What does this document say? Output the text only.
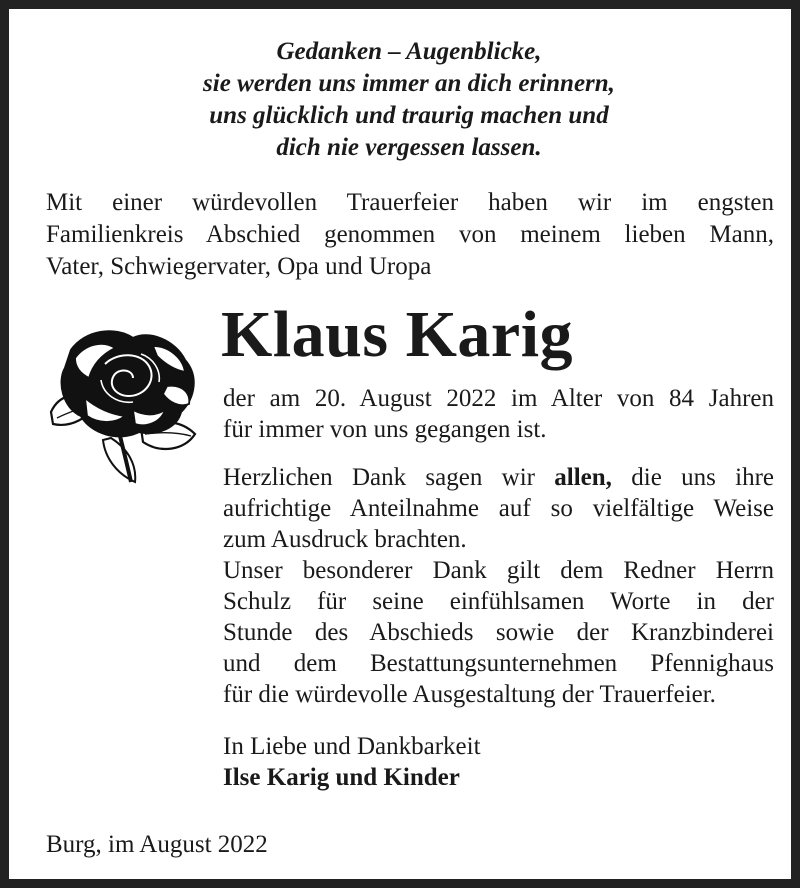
Gedanken – Augenblicke,
sie werden uns immer an dich erinnern,
uns glücklich und traurig machen und
dich nie vergessen lassen.
Mit einer würdevollen Trauerfeier haben wir im engsten
Familienkreis Abschied genommen von meinem lieben Mann,
Vater, Schwiegervater, Opa und Uropa
Klaus Karig
der am 20. August 2022 im Alter von 84 Jahren
für immer von uns gegangen ist.
Herzlichen Dank sagen wir allen, die uns ihre
aufrichtige Anteilnahme auf so vielfältige Weise
zum Ausdruck brachten.
Unser besonderer Dank gilt dem Redner Herrn
Schulz für seine einfühlsamen Worte in der
Stunde des Abschieds sowie der Kranzbinderei
und dem Bestattungsunternehmen Pfennighaus
für die würdevolle Ausgestaltung der Trauerfeier.
In Liebe und Dankbarkeit
Ilse Karig und Kinder
Burg, im August 2022
